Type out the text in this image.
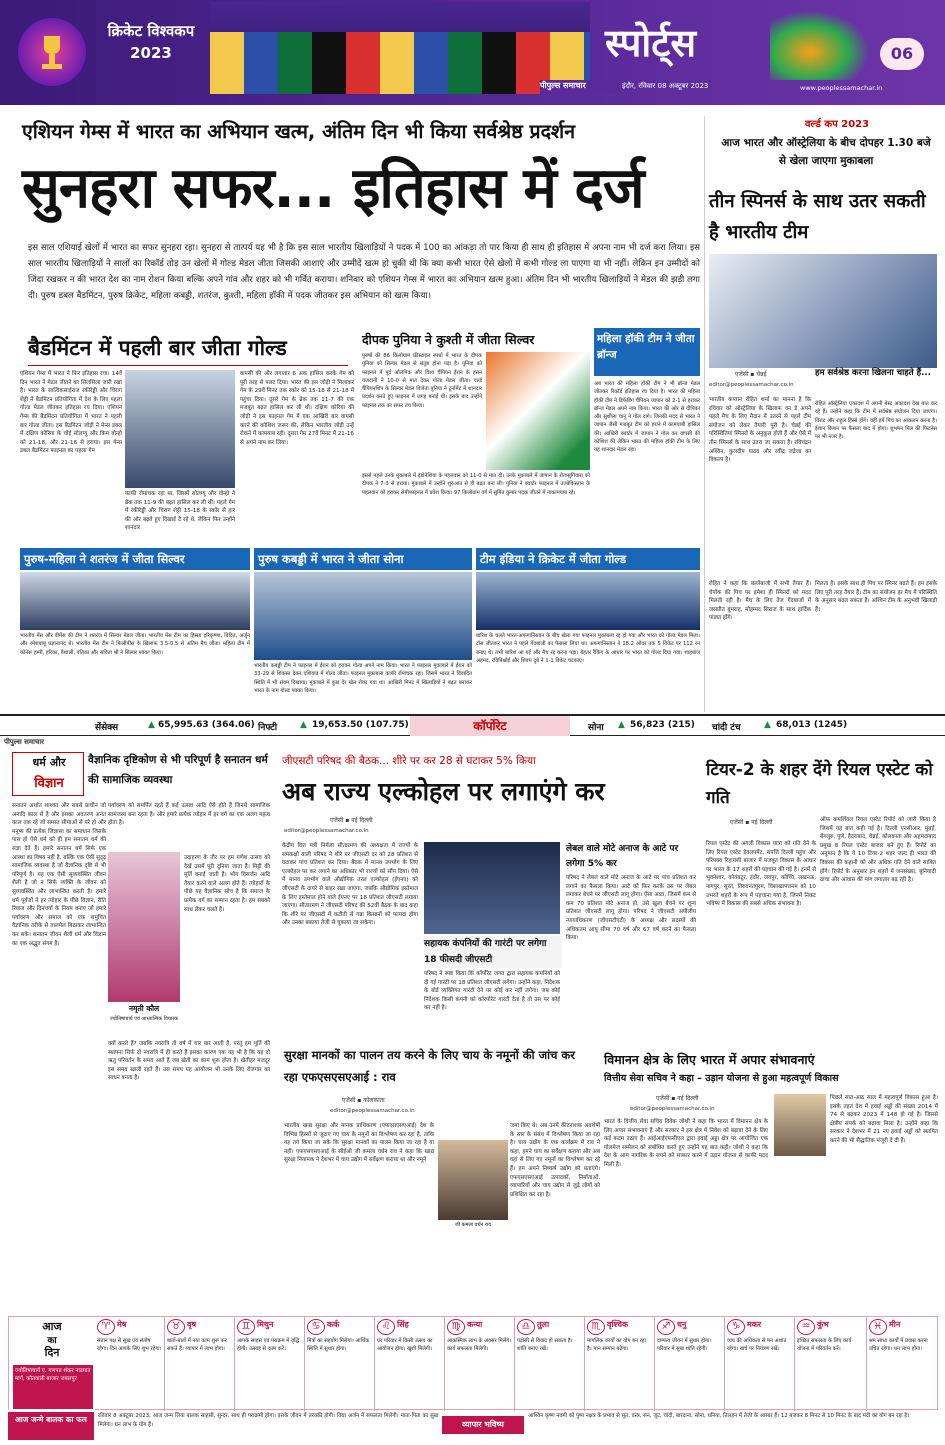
क्रिकेट विश्वकप 2023
पीपुल्स समाचार	इंदौर, रविवार 08 अक्टूबर 2023
स्पोर्ट्स
www.peoplessamachar.in
06
एशियन गेम्स में भारत का अभियान खत्म, अंतिम दिन भी किया सर्वश्रेष्ठ प्रदर्शन
सुनहरा सफर... इतिहास में दर्ज
इस साल एशियाई खेलों में भारत का सफर सुनहरा रहा। सुनहरा से तात्पर्य यह भी है कि इस साल भारतीय खिलाड़ियों ने पदक में 100 का आंकड़ा तो पार किया ही साथ ही इतिहास में अपना नाम भी दर्ज करा लिया। इस साल भारतीय खिलाड़ियों ने सालों का रिकॉर्ड तोड़ उन खेलों में गोल्ड मेडल जीता जिसकी आशाएं और उम्मीदें खत्म हो चुकी थी कि क्या कभी भारत ऐसे खेलों में कभी गोल्ड ला पाएगा या भी नहीं। लेकिन इन उम्मीदों को जिंदा रखकर न की भारत देश का नाम रोशन किया बल्कि अपने गांव और शहर को भी गर्वित कराया। शनिवार को एशियन गेम्स में भारत का अभियान खत्म हुआ। अंतिम दिन भी भारतीय खिलाड़ियों ने मेडल की झड़ी लगा दी। पुरुष डबल बैडमिंटन, पुरुष क्रिकेट, महिला कबड्डी, शतरंज, कुश्ती, महिला हॉकी में पदक जीतकर इस अभियान को खत्म किया।
बैडमिंटन में पहली बार जीता गोल्ड
एशियन गेम्स में भारत ने फिर इतिहास रचा। 14वें दिन भारत ने मेडल जीतने का सिलसिला जारी रखा है। भारत के सात्विकसाईराज रंकीरेड्डी और चिराग शेट्टी ने बैडमिंटन प्रतियोगिता में देश के लिए पहला गोल्ड मेडल जीतकर इतिहास रच दिया। एशियन गेम्स की बैडमिंटन प्रतियोगिता में भारत ने पहली बार गोल्ड जीता। इस बैडमिंटन जोड़ी ने मेन्स डबल में दक्षिण कोरिया के चोई सोलग्यू और किम वोन्हो को 21-18, और 21-16 से हराया। इस मेन्स डबल बैडमिंटन फाइनल का पहला गेम
काफी रोमांचक रहा था, जिसमें सोलग्यू और वोन्हो ने ब्रेक तक 11-9 की बढ़त हासिल कर ली थी। पहले गेम में रंकीरेड्डी और चिराग शेट्टी 15-18 के स्कोर से हार की ओर बढ़ते हुए दिखाई दे रहे थे, लेकिन फिर उन्होंने शानदार
वापसी की और लगातार 6 अंक हासिल करके गेम को पूरी तरह से पलट दिया। भारत की इस जोड़ी ने मिलाकर गेम के 29वें मिनट तक स्कोर को 15-18 से 21-18 में पहुंचा दिया। दूसरे गेम के ब्रेक तक 11-7 की एक मजबूत बढ़त हासिल कर ली थी। दक्षिण कोरिया की जोड़ी ने इस फाइनल गेम में एक आखिरी बार वापसी करने की कोशिश जरूर की, लेकिन भारतीय जोड़ी उन्हें रोकने में कामयाब रही। दूसरा गेम 27वें मिनट में 21-16 से अपने नाम कर लिया।
दीपक पुनिया ने कुश्ती में जीता सिल्वर
पुरुषों की 86 किलोग्राम फ्रीस्टाइल स्पर्धा में भारत के दीपक पुनिया को सिल्वर मेडल से संतुष्ट होना पड़ा है। पुनिया को फाइनल में पूर्व ओलंपिक और विश्व चैंपियन ईरान के हसन यजदानी ने 10-0 से मात देकर गोल्ड मेडल जीता। वर्ल्ड चैंपियनशिप के सिल्वर मेडल विजेता पुनिया ने टूर्नामेंट में शानदार प्रदर्शन करते हुए फाइनल में जगह बनाई थी। इसके बाद उन्होंने फाइनल तक का सफर तय किया।
इससे पहले उनके मुकाबले में इंडोनेशिया के पहलवान को 11-0 से मात दी। उनके मुकाबले में जापान के रोतासुगियारा को दीपक ने 7-3 से हराया। मुकाबले में उन्होंने शुरुआत से ही बढ़त बना ली। पुनिया ने क्वार्टर फाइनल में उज्बेकिस्तान के पहलवान को हराकर सेमीफाइनल में प्रवेश किया। 97 किलोग्राम वर्ग में सुमित कुमार पदक जीतने में नाकामयाब रहे।
महिला हॉकी टीम ने जीता ब्रॉन्ज
अब भारत की महिला हॉकी टीम ने भी ब्रॉन्ज मेडल जीतकर रिकॉर्ड इतिहास रच दिया है। भारत की महिला हॉकी टीम ने डिफेंडिंग चैंपियन जापान को 2-1 से हराकर ब्रॉन्ज मेडल अपने नाम किया। भारत की ओर से दीपिका और सुशीला चानू ने गोल दागे। जिनकी मदद से भारत ने जापान जैसी मजबूत टीम को हराने में कामयाबी हासिल की। आखिरी क्वार्टर में जापान ने गोल कर वापसी की कोशिश की लेकिन भारत की महिला हॉकी टीम के लिए यह शानदार मेडल रहा।
पुरुष-महिला ने शतरंज में जीता सिल्वर	पुरुष कबड्डी में भारत ने जीता सोना	टीम इंडिया ने क्रिकेट में जीता गोल्ड
भारतीय मेंस और वीमेंस की टीम ने शतरंज में सिल्वर मेडल जीता। भारतीय मेंस टीम का हिस्सा हरिकृष्णा, विदित, अर्जुन और रमेशबाबू प्रज्ञानानंद थे। भारतीय मेंस टीम ने फिलीपींस के खिलाफ 3.5-0.5 से अंतिम मैच जीता। महिला टीम में कोनेरू हम्पी, हरिका, वैशाली, वंतिका और सविता श्री ने सिल्वर पक्का किया।
भारतीय कबड्डी टीम ने फाइनल में ईरान को हराकर गोल्ड अपने नाम किया। भारत ने फाइनल मुकाबले में ईरान को 33-29 से शिकस्त देकर एशियाड में गोल्ड जीता। फाइनल मुकाबला काफी रोमांचक रहा। जिसमें भारत ने विवादित स्थिति में भी संयम दिखाया। मुकाबले में कुछ देर खेल रोका गया था। आखिरी मिनट में खिलाड़ियों ने बढ़त बनाकर भारत के नाम गोल्ड पक्का किया।
बारिश के चलते भारत-अफगानिस्तान के बीच खेला गया फाइनल मुकाबला रद्द हो गया और भारत को गोल्ड मेडल मिला। टॉस जीतकर भारत ने पहले गेंदबाजी का फैसला लिया था। अफगानिस्तान ने 18.2 ओवर तक 5 विकेट पर 112 रन बनाए थे। तभी बारिश आ गई और मैच रद्द करना पड़ा। बेहतर रैंकिंग के आधार पर भारत को गोल्ड दिया गया। शाहबाज अहमद, रविबिश्नोई और शिवम दुबे ने 1-1 विकेट चटकाए।
वर्ल्ड कप 2023
आज भारत और ऑस्ट्रेलिया के बीच दोपहर 1.30 बजे से खेला जाएगा मुकाबला
तीन स्पिनर्स के साथ उतर सकती है भारतीय टीम
एजेंसी ▪ चेन्नई
editor@peoplessamachar.co.in
हम सर्वश्रेष्ठ करना खिलना चाहते हैं...
रोहित ऑस्ट्रेलिया एकादश में अपनी बेस्ट अकादश देख बात कर रहे हैं। उन्होंने कहा कि टीम में सर्वश्रेष्ठ संयोजन दिया जाएगा। विराट और राहुल हिस्से होंगे। वहीं हमें पिच का आकलन करना है। ईशान किशन पर फैसला बाद में होगा। शुभमन गिल की फिटनेस पर भी नजर है।
भारतीय कप्तान रोहित शर्मा का मानना है कि रविवार को ऑस्ट्रेलिया के खिलाफ वन डे अपने पहले मैच के लिए मैदान में उतरने से पहले टीम संयोजन को लेकर तैयारी पूरी है। चेन्नई की परिस्थितियां स्पिनरों के अनुकूल होती हैं और ऐसे में तीन स्पिनर्स के साथ उतरा जा सकता है। रविचंद्रन अश्विन, कुलदीप यादव और रवींद्र जडेजा का विकल्प है।
रोहित ने कहा कि बल्लेबाजी में सभी तैयार हैं। चेपॉक की पिच पर हमेशा ही स्पिनरों को मदद मिलती रही है। मैच के लिए तेज गेंदबाजों में जसप्रीत बुमराह, मोहम्मद सिराज के साथ हार्दिक पांड्या होंगे।
मिलता है। इसके साथ ही पिच पर स्पिनर बढ़ते हैं। हम इसके लिए पूरी तरह तैयार हैं। टीम का संयोजन हर मैच में परिस्थिति के अनुसार बदल सकता है। अश्विन टीम के अनुभवी खिलाड़ी हैं।
सेंसेक्स	▲ 65,995.63 (364.06) निफ्टी	▲ 19,653.50 (107.75)	कॉर्पोरेट	सोना	▲ 56,823 (215)	चांदी टंच	▲ 68,013 (1245)
पीपुल्स समाचार
धर्म और
विज्ञान
वैज्ञानिक दृष्टिकोण से भी परिपूर्ण है सनातन धर्म की सामाजिक व्यवस्था
सनातन अर्थात शाश्वत और सबसे प्राचीन जो अनादि काल से है और इसका अवतरण अनंत काल तक रहे जो समस्त सीमाओं से परे हो और मनुष्य की प्रत्येक जिज्ञासा का समाधान जिसके पास हो ऐसे धर्म को ही हम सनातन धर्म की संज्ञा देते हैं। हमारे सनातन धर्म सिर्फ एक आस्था का विषय नहीं है, बल्कि एक ऐसी सुदृढ़ सामाजिक व्यवस्था है जो वैज्ञानिक दृष्टि से भी परिपूर्ण है। यह एक ऐसी सुव्यवस्थित जीवन शैली है जो न सिर्फ व्यक्ति के जीवन को सुव्यवस्थित और लाभान्वित करती है। हमारे धर्म पूर्वजों ने हर त्योहार के पीछे विज्ञान, रीति रिवाज और दिनचर्या के नियम बनाए जो हमारे पर्यावरण और समाज को एक समुचित वैज्ञानिक तरीके से तालमेल बिठाकर लाभान्वित कर सके। सनातन जीवन शैली धर्म और विज्ञान का एक अद्भुत संगम है।
पर्यावरण को समर्पित रहते हैं कई उत्सव आदि ऐसे होते हैं जिनसे सामाजिक सामंजस्य बना रहता है। और हमारे प्रत्येक त्योहार में हर वर्ग का एक अलग महत्व होता है।
नमृती कौल
ज्योतिषाचार्य एवं आध्यात्मिक विचारक
उदाहरण के तौर पर हम गणेश उत्सव को देखें उसमें पूरी दुनिया जाता है। मिट्टी की मूर्ति बनाई जाती है। भोग विसर्जन आदि तैयार करने वाले अलग होते हैं। त्योहारों के पीछे यह वैज्ञानिक सोच है कि समाज के प्रत्येक वर्ग का सम्मान रहता है। हम सबको साथ लेकर चलते हैं।
क्यों करते हैं? जबकि नवरात्रि तो वर्ष में चार बार आती है, परंतु हम मूर्ति की स्थापना सिर्फ दो नवरात्रि में ही करते हैं इसका कारण एक यह भी है कि यह दो ऋतु परिवर्तन के समय आते हैं जब खेती का काम शुरू होता है। खेतीहर मजदूर इस समय खाली रहते हैं। उस समय यह आयोजन भी उनके लिए रोजगार का साधन बनता है।
जीएसटी परिषद की बैठक... शीरे पर कर 28 से घटाकर 5% किया
अब राज्य एल्कोहल पर लगाएंगे कर
एजेंसी ▪ नई दिल्ली
editor@peoplessamachar.co.in
केंद्रीय वित्त मंत्री निर्मला सीतारमण की अध्यक्षता में राज्यों के समकक्षों वाली परिषद ने शीरे पर जीएसटी दर को 28 प्रतिशत से घटाकर पांच प्रतिशत कर दिया। बैठक में मानव उपभोग के लिए एल्कोहल पर कर लगाने का अधिकार भी राज्यों को सौंप दिया। ऐसे में मानव उपभोग वाले औद्योगिक तरल एल्कोहल (ईएनए) को जीएसटी के दायरे से बाहर रखा जाएगा, जबकि औद्योगिक इस्तेमाल के लिए इस्तेमाल होने वाले ईएनए पर 18 प्रतिशत जीएसटी लगाया जाएगा। सीतारमण ने जीएसटी परिषद की 52वीं बैठक के बाद कहा कि शीरे पर जीएसटी में कटौती से गन्ना किसानों को फायदा होगा और उनका बकाया तेजी से चुकाया जा सकेगा।
सहायक कंपनियों की गारंटी पर लगेगा 18 फीसदी जीएसटी
परिषद ने स्पष्ट किया कि कॉर्पोरेट जगत द्वारा सहायक कंपनियों को दी गई गारंटी पर 18 प्रतिशत जीएसटी लगेगा। उन्होंने कहा, निदेशक के बोर्ड व्यक्तिगत गारंटी देने पर कोई कर नहीं लगेगा। जब कोई निदेशक किसी कंपनी को कॉरपोरेट गारंटी देता है तो उस पर कोई कर नहीं है।
लेबल वाले मोटे अनाज के आटे पर लगेगा 5% कर
परिषद ने लेबल वाले मोटे अनाज के आटे पर पांच प्रतिशत कर लगाने का फैसला किया। आटे को फिर करके उस पर लेबल लगाकर बेचने पर जीएसटी लागू होगा। ऐसा आटा, जिसमें कम से कम 70 प्रतिशत मोटे अनाज हो, उसे खुला बेचने पर शून्य प्रतिशत जीएसटी लागू होगा। परिषद ने जीएसटी अपीलीय न्यायाधिकरण (जीएसटीएटी) के अध्यक्ष और सदस्यों की अधिकतम आयु सीमा 70 वर्ष और 67 वर्ष करने का फैसला किया।
टियर-2 के शहर देंगे रियल एस्टेट को गति
एजेंसी ▪ नई दिल्ली
रियल एस्टेट की अगली विकास यात्रा को गति देने के लिए रियल एस्टेट डेवलपमेंट, संपत्ति दिल्ली पहुंच और परिपक्व रिहायशी बाजार में मजबूत विकास के आधार पर भारत के 17 शहरों की पहचान की गई है। इनमें से भुवनेश्वर, कोयंबटूर, इंदौर, जयपुर, कोच्चि, लखनऊ, नागपुर, सूरत, तिरुवनंतपुरम, विशाखापत्तनम को 10 उभरते शहरों के रूप में पहचाना गया है, जिनमें निकट भविष्य में विकास की सबसे अधिक संभावना है।
ऑफ कमर्शियल रियल एस्टेट रिपोर्ट को जारी किया है जिसमें यह बात कही गई है। दिल्ली एनसीआर, मुंबई, बेंगलुरु, पुणे, हैदराबाद, चेन्नई, कोलकाता और अहमदाबाद प्रमुख 8 रियल एस्टेट बाजार बने हुए हैं। रिपोर्ट का अनुमान है कि ये 10 टियर-2 शहर जल्द ही भारत की विकास की कहानी को और अधिक गति देने वाले साबित होंगे। रिपोर्ट के अनुसार इन शहरों में जनसंख्या, बुनियादी ढांचा और आवास की मांग लगातार बढ़ रही है।
सुरक्षा मानकों का पालन तय करने के लिए चाय के नमूनों की जांच कर रहा एफएसएसएआई : राव
एजेंसी ▪ कोलकाता
editor@peoplessamachar.co.in
भारतीय खाद्य सुरक्षा और मानक प्राधिकरण (एफएसएसएआई) देश के विभिन्न हिस्सों से जुटाए गए चाय के नमूनों का विश्लेषण कर रहा है, ताकि यह तय किया जा सके कि सुरक्षा मानकों का पालन किया जा रहा है या नहीं। एफएसएसएआई के सीईओ जी कमला वर्धन राव ने कहा कि खाद्य सुरक्षा नियामक ने देशभर में चाय उद्योग में सर्वेक्षण कराया था और नमूने
जी कमला वर्धन राव
जमा किए थे। अब उनमें कीटनाशक अवशेषों के स्तर के संबंध में विश्लेषण किया जा रहा है। चाय उद्योग के एक कार्यक्रम में राव ने कहा, हमने चाय का सर्वेक्षण कराया और अब वहां से लिए गए नमूनों का विश्लेषण कर रहे हैं। हम अपने निष्कर्ष उद्योग को बताएंगे। एफएसएसएआई उत्पादकों, निर्माताओं, व्यापारियों और चाय उद्योग से जुड़े लोगों को प्रशिक्षित कर रहा है।
विमानन क्षेत्र के लिए भारत में अपार संभावनाएं
वित्तीय सेवा सचिव ने कहा – उड़ान योजना से हुआ महत्वपूर्ण विकास
एजेंसी ▪ नई दिल्ली
editor@peoplessamachar.co.in
भारत के वित्तीय सेवा सचिव विवेक जोशी ने कहा कि भारत में विमानन क्षेत्र के लिए अपार संभावनाएं हैं और सरकार ने इस क्षेत्र में निवेश को बढ़ावा देने के लिए कई कदम उठाए हैं। आईआईएफसीएल द्वारा हवाई अड्डा क्षेत्र पर आयोजित एक गोलमेज सम्मेलन को संबोधित करते हुए उन्होंने यह बात कही। जोशी ने कहा कि देश के आम नागरिक के सपने को साकार करने में उड़ान योजना से काफी मदद मिली है।
पिछले सात-आठ साल में महत्वपूर्ण विकास हुआ है। इसके तहत देश में हवाई अड्डों की संख्या 2014 में 74 से बढ़कर 2023 में 148 हो गई है। जिससे क्षेत्रीय संपर्क को बढ़ावा मिला है। उन्होंने कहा कि सरकार ने देशभर में 21 नए हवाई अड्डों को स्थापित करने की भी सैद्धांतिक मंजूरी दे दी है।
आज
का
दिन
ज्योतिषाचार्य ए. गणपत शंकर नाडयात मार्ग, कोतवाली बाजार जबलपुर
♈ मेष
संतान पक्ष से सुख एवं संतोष रहेगा। दिन आपके लिए शुभ रहेगा।
♉ वृष
बातों-बातों में नया काम शुरू कर सकते हैं। व्यापार में लाभ होगा।
♊ मिथुन
आपके साहस एवं पराक्रम में वृद्धि होगी। उत्साह से काम करें।
♋ कर्क
मित्रों का सहयोग मिलेगा। आर्थिक स्थिति में सुधार होगा।
♌ सिंह
घर परिवार में किसी उत्सव का आयोजन होगा। खुशी मिलेगी।
♍ कन्या
आकस्मिक लाभ के अवसर मिलेंगे। कार्य सफलता मिलेगी।
♎ तुला
पड़ोसी से विवाद हो सकता है। शांति बनाए रखें।
♏ वृश्चिक
मांगलिक कार्यों का योग बन रहा है। मान सम्मान बढ़ेगा।
♐ धनु
दाम्पत्य जीवन में सुधार होगा। परिवार में सुख शांति रहेगी।
♑ मकर
व्यय की अधिकता से मन अशांत रहेगा। खर्च पर नियंत्रण रखें।
♒ कुंभ
इच्छित सफलता के लिए कार्य योजना में परिवर्तन करें।
♓ मीन
श्रम साध्य कार्यों में प्रयास करना उचित रहेगा। धन लाभ होगा।
आज जन्मे बालक का फल	रविवार 8 अक्टूबर 2023, आज जन्म लिया बालक साहसी, सुन्दर, साथ ही पराक्रमी होगा। इसके जीवन में तरक्की होगी। विद्या अर्जन में सफलता मिलेगी। माता-पिता का सुख मिलेगा। धन लाभ के योग हैं।	व्यापार भविष्य
आश्विन कृष्ण नवमी को पुष्य नक्षत्र के प्रभाव से सूत, वस्त्र, सन, जूट, चांदी, बारदाना, सोना, धनिया, तिलहन में तेजी के आसार हैं। 12 बजकर 8 मिनट से 10 मिनट के बाद मंदी का योग बन रहा है।
